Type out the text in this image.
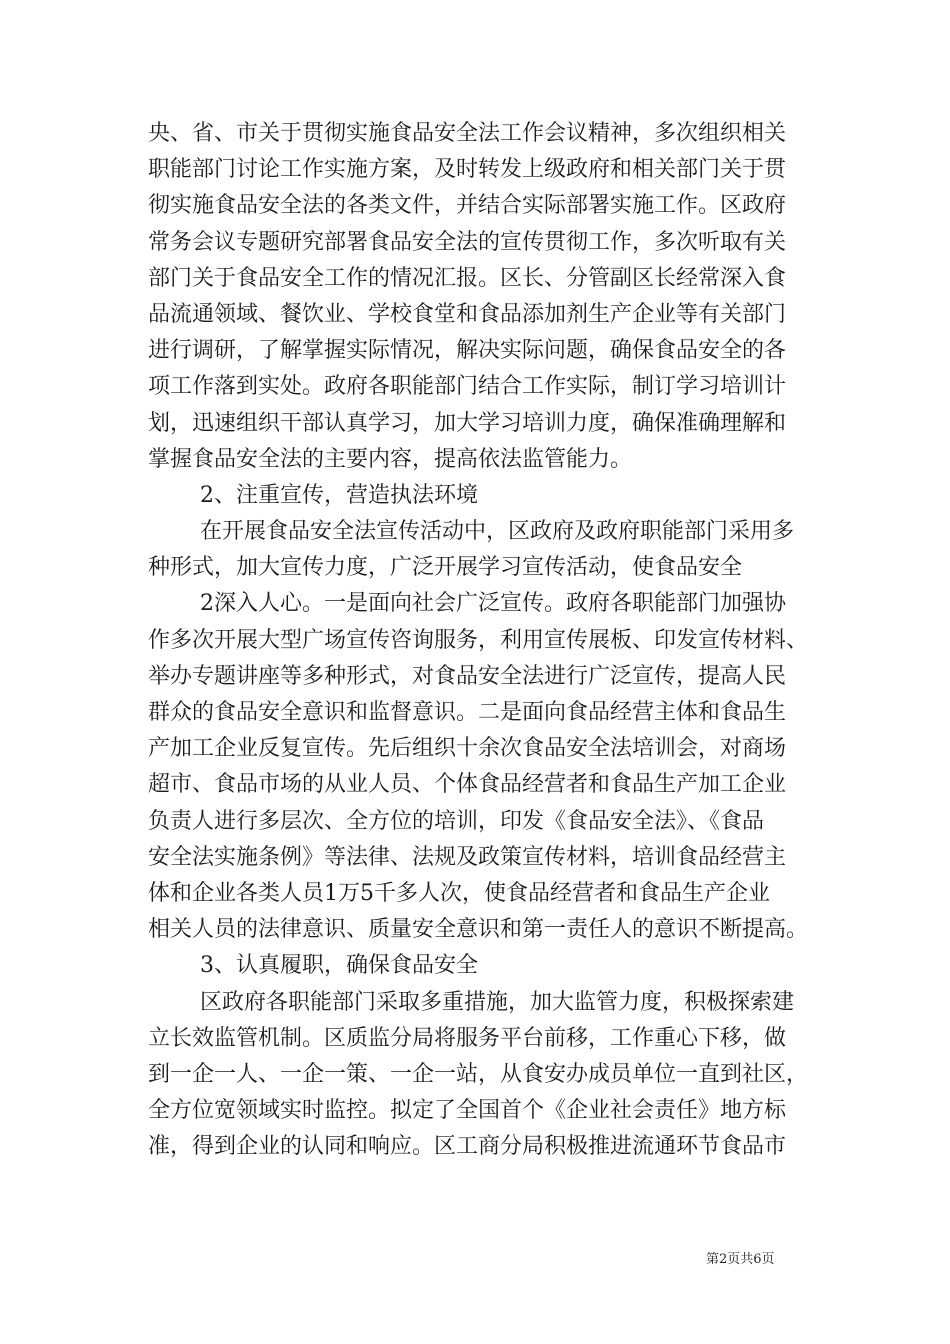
央、省、市关于贯彻实施食品安全法工作会议精神，多次组织相关
职能部门讨论工作实施方案，及时转发上级政府和相关部门关于贯
彻实施食品安全法的各类文件，并结合实际部署实施工作。区政府
常务会议专题研究部署食品安全法的宣传贯彻工作，多次听取有关
部门关于食品安全工作的情况汇报。区长、分管副区长经常深入食
品流通领域、餐饮业、学校食堂和食品添加剂生产企业等有关部门
进行调研，了解掌握实际情况，解决实际问题，确保食品安全的各
项工作落到实处。政府各职能部门结合工作实际，制订学习培训计
划，迅速组织干部认真学习，加大学习培训力度，确保准确理解和
掌握食品安全法的主要内容，提高依法监管能力。
2、注重宣传，营造执法环境
在开展食品安全法宣传活动中，区政府及政府职能部门采用多
种形式，加大宣传力度，广泛开展学习宣传活动，使食品安全
2深入人心。一是面向社会广泛宣传。政府各职能部门加强协
作多次开展大型广场宣传咨询服务，利用宣传展板、印发宣传材料、
举办专题讲座等多种形式，对食品安全法进行广泛宣传，提高人民
群众的食品安全意识和监督意识。二是面向食品经营主体和食品生
产加工企业反复宣传。先后组织十余次食品安全法培训会，对商场
超市、食品市场的从业人员、个体食品经营者和食品生产加工企业
负责人进行多层次、全方位的培训，印发《食品安全法》、《食品
安全法实施条例》等法律、法规及政策宣传材料，培训食品经营主
体和企业各类人员1万5千多人次，使食品经营者和食品生产企业
相关人员的法律意识、质量安全意识和第一责任人的意识不断提高。
3、认真履职，确保食品安全
区政府各职能部门采取多重措施，加大监管力度，积极探索建
立长效监管机制。区质监分局将服务平台前移，工作重心下移，做
到一企一人、一企一策、一企一站，从食安办成员单位一直到社区，
全方位宽领域实时监控。拟定了全国首个《企业社会责任》地方标
准，得到企业的认同和响应。区工商分局积极推进流通环节食品市
第2页共6页
